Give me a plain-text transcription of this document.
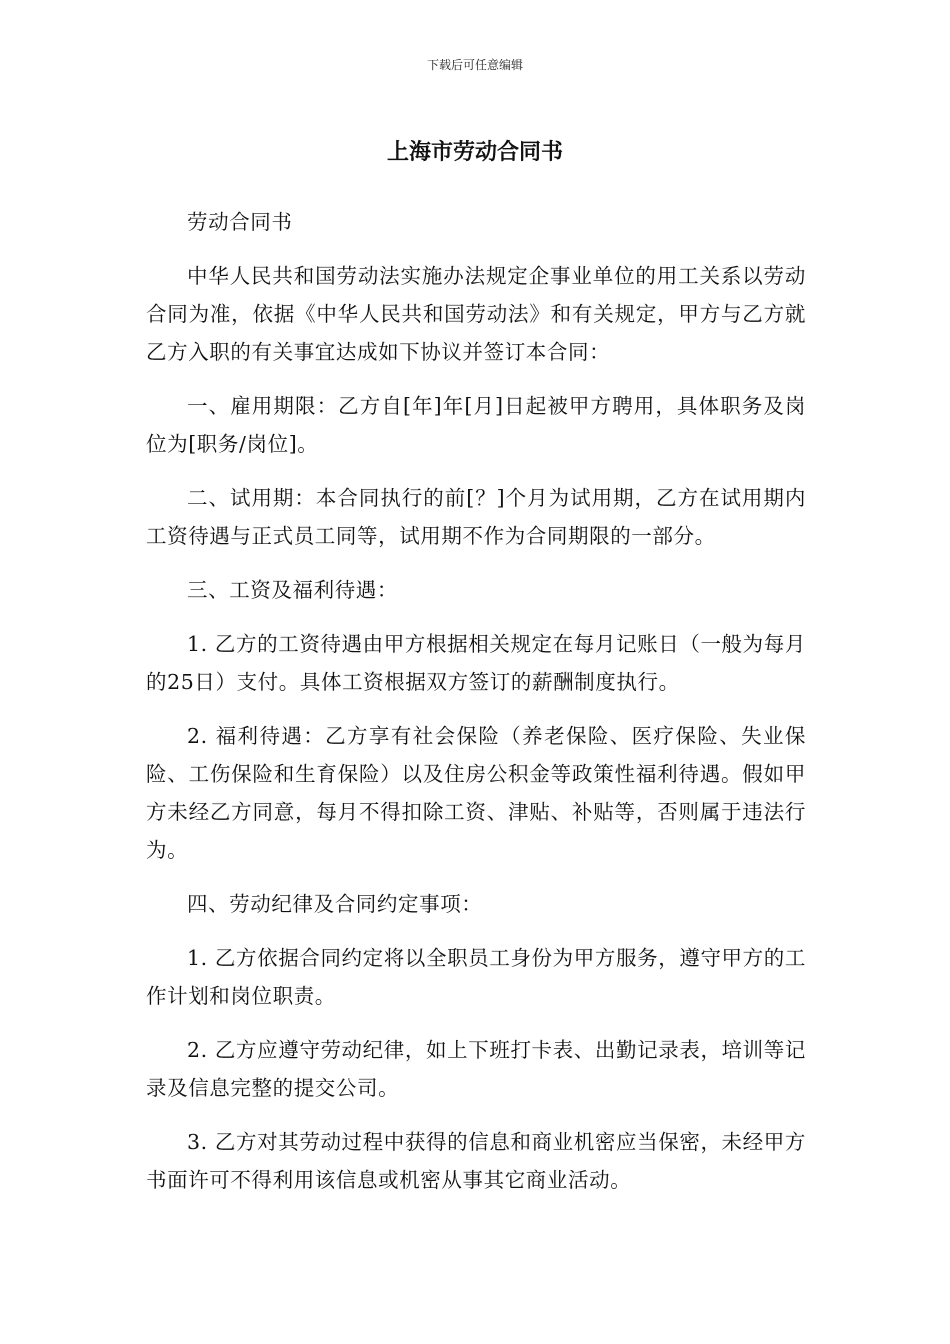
下载后可任意编辑
上海市劳动合同书

劳动合同书

中华人民共和国劳动法实施办法规定企事业单位的用工关系以劳动合同为准，依据《中华人民共和国劳动法》和有关规定，甲方与乙方就乙方入职的有关事宜达成如下协议并签订本合同：

一、雇用期限：乙方自[年]年[月]日起被甲方聘用，具体职务及岗位为[职务/岗位]。

二、试用期：本合同执行的前[？]个月为试用期，乙方在试用期内工资待遇与正式员工同等，试用期不作为合同期限的一部分。

三、工资及福利待遇：

1. 乙方的工资待遇由甲方根据相关规定在每月记账日（一般为每月的25日）支付。具体工资根据双方签订的薪酬制度执行。

2. 福利待遇：乙方享有社会保险（养老保险、医疗保险、失业保险、工伤保险和生育保险）以及住房公积金等政策性福利待遇。假如甲方未经乙方同意，每月不得扣除工资、津贴、补贴等，否则属于违法行为。

四、劳动纪律及合同约定事项：

1. 乙方依据合同约定将以全职员工身份为甲方服务，遵守甲方的工作计划和岗位职责。

2. 乙方应遵守劳动纪律，如上下班打卡表、出勤记录表，培训等记录及信息完整的提交公司。

3. 乙方对其劳动过程中获得的信息和商业机密应当保密，未经甲方书面许可不得利用该信息或机密从事其它商业活动。
